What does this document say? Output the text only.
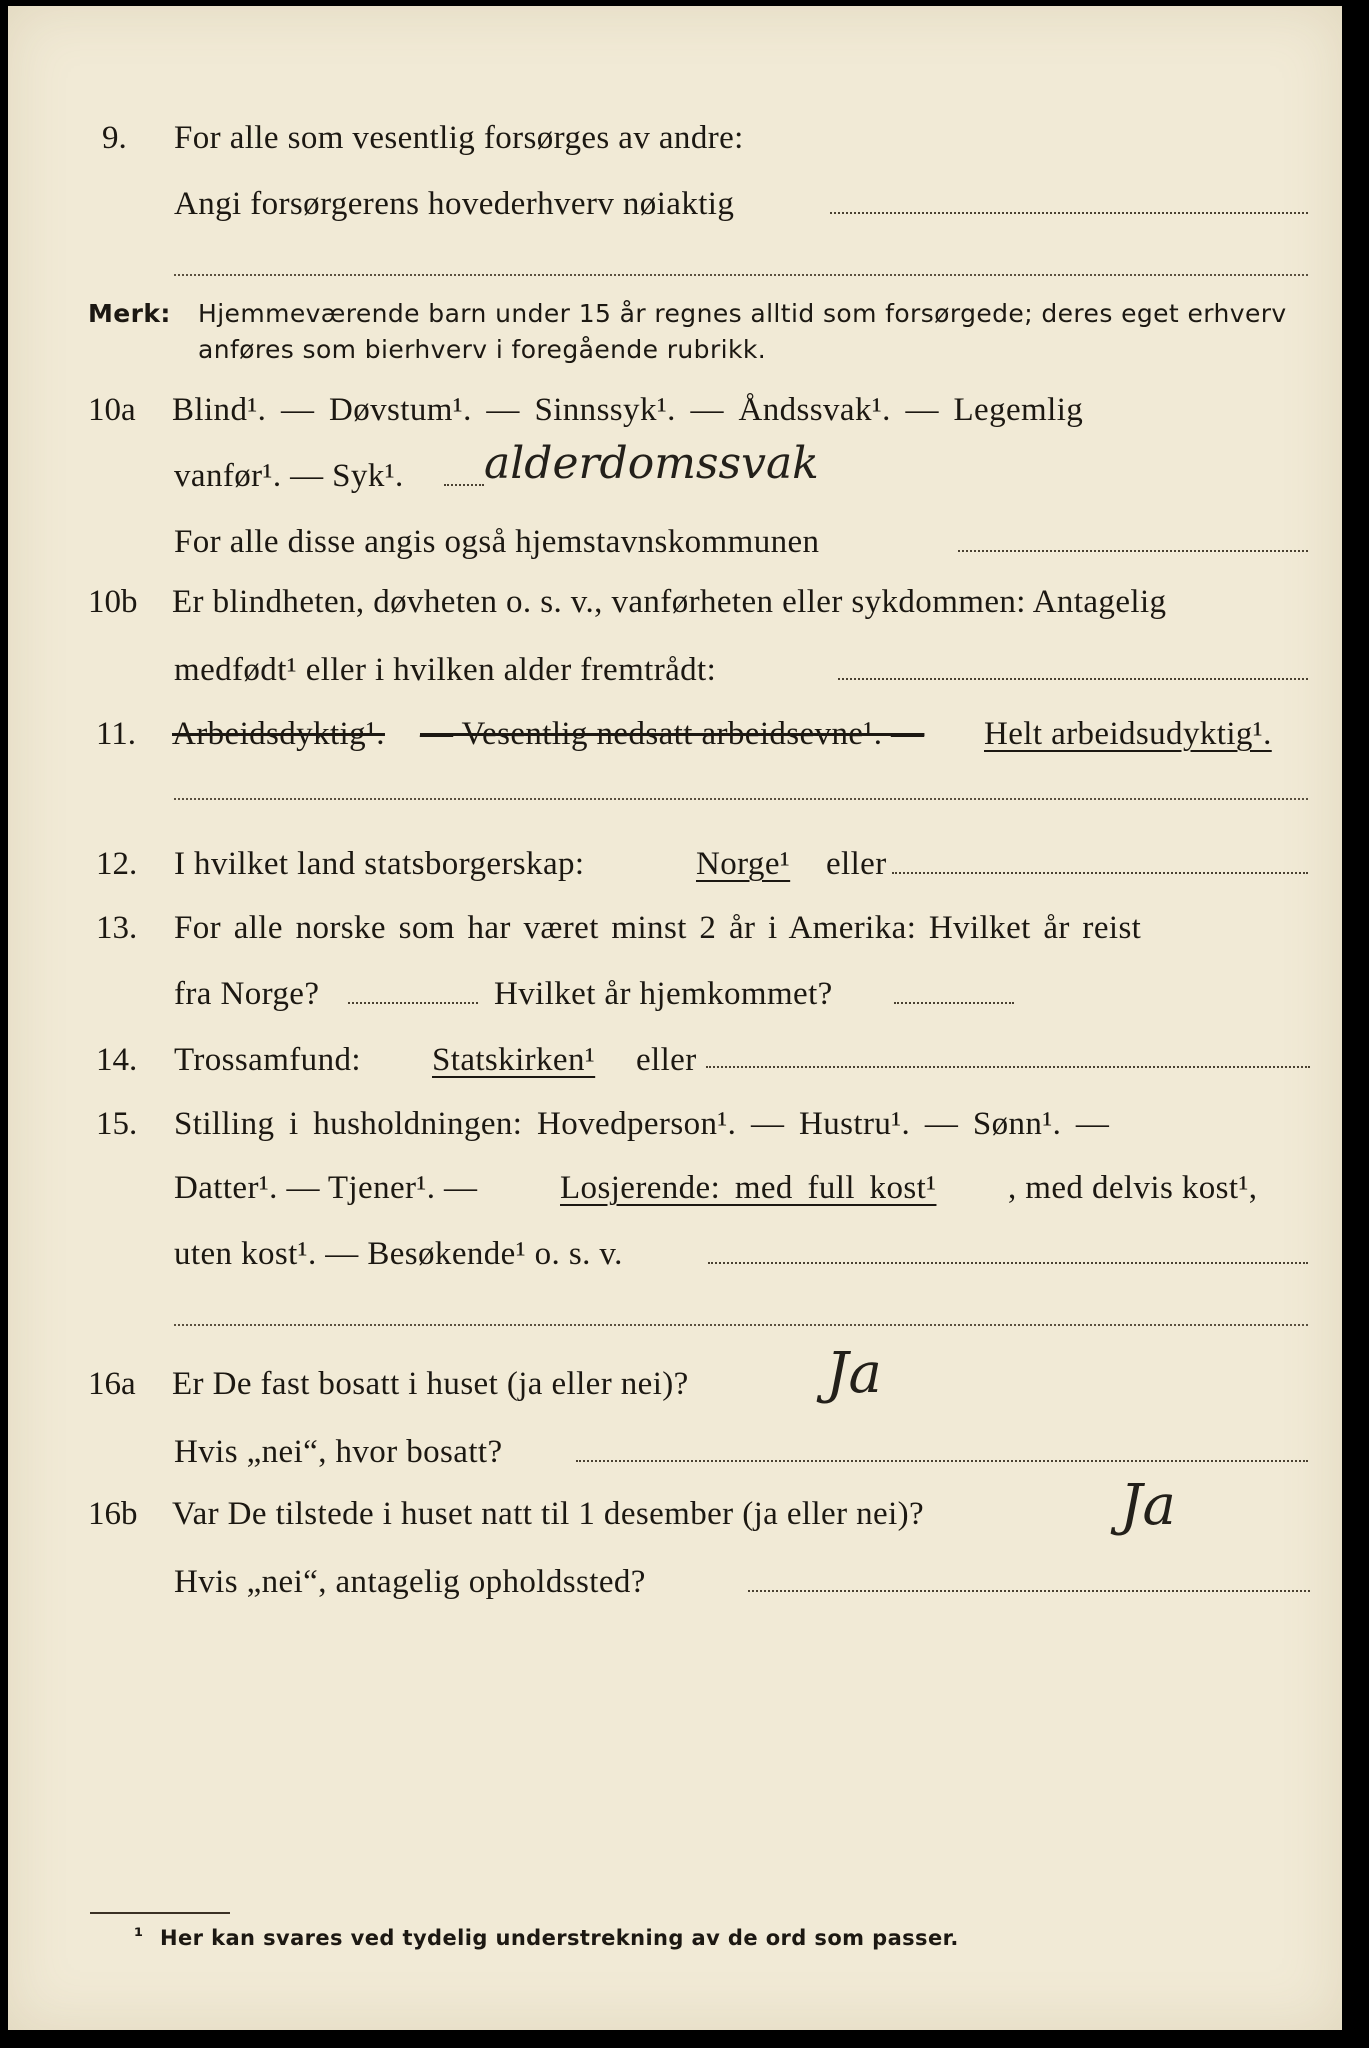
9. For alle som vesentlig forsørges av andre:
Angi forsørgerens hovederhverv nøiaktig
Merk: Hjemmeværende barn under 15 år regnes alltid som forsørgede; deres eget erhverv
anføres som bierhverv i foregående rubrikk.
10a Blind¹. — Døvstum¹. — Sinnssyk¹. — Åndssvak¹. — Legemlig
vanfør¹. — Syk¹. alderdomssvak
For alle disse angis også hjemstavnskommunen
10b Er blindheten, døvheten o. s. v., vanførheten eller sykdommen: Antagelig
medfødt¹ eller i hvilken alder fremtrådt:
11. Arbeidsdyktig¹. — Vesentlig nedsatt arbeidsevne¹. — Helt arbeidsudyktig¹.
12. I hvilket land statsborgerskap:	Norge¹ eller
13. For alle norske som har været minst 2 år i Amerika: Hvilket år reist
fra Norge?	Hvilket år hjemkommet?
14. Trossamfund: Statskirken¹ eller
15. Stilling i husholdningen: Hovedperson¹. — Hustru¹. — Sønn¹. —
Datter¹. — Tjener¹. —	Losjerende: med full kost¹ , med delvis kost¹,
uten kost¹. — Besøkende¹ o. s. v.
16a Er De fast bosatt i huset (ja eller nei)? Ja
Hvis „nei“, hvor bosatt?
16b Var De tilstede i huset natt til 1 desember (ja eller nei)?	Ja
Hvis „nei“, antagelig opholdssted?
¹ Her kan svares ved tydelig understrekning av de ord som passer.
